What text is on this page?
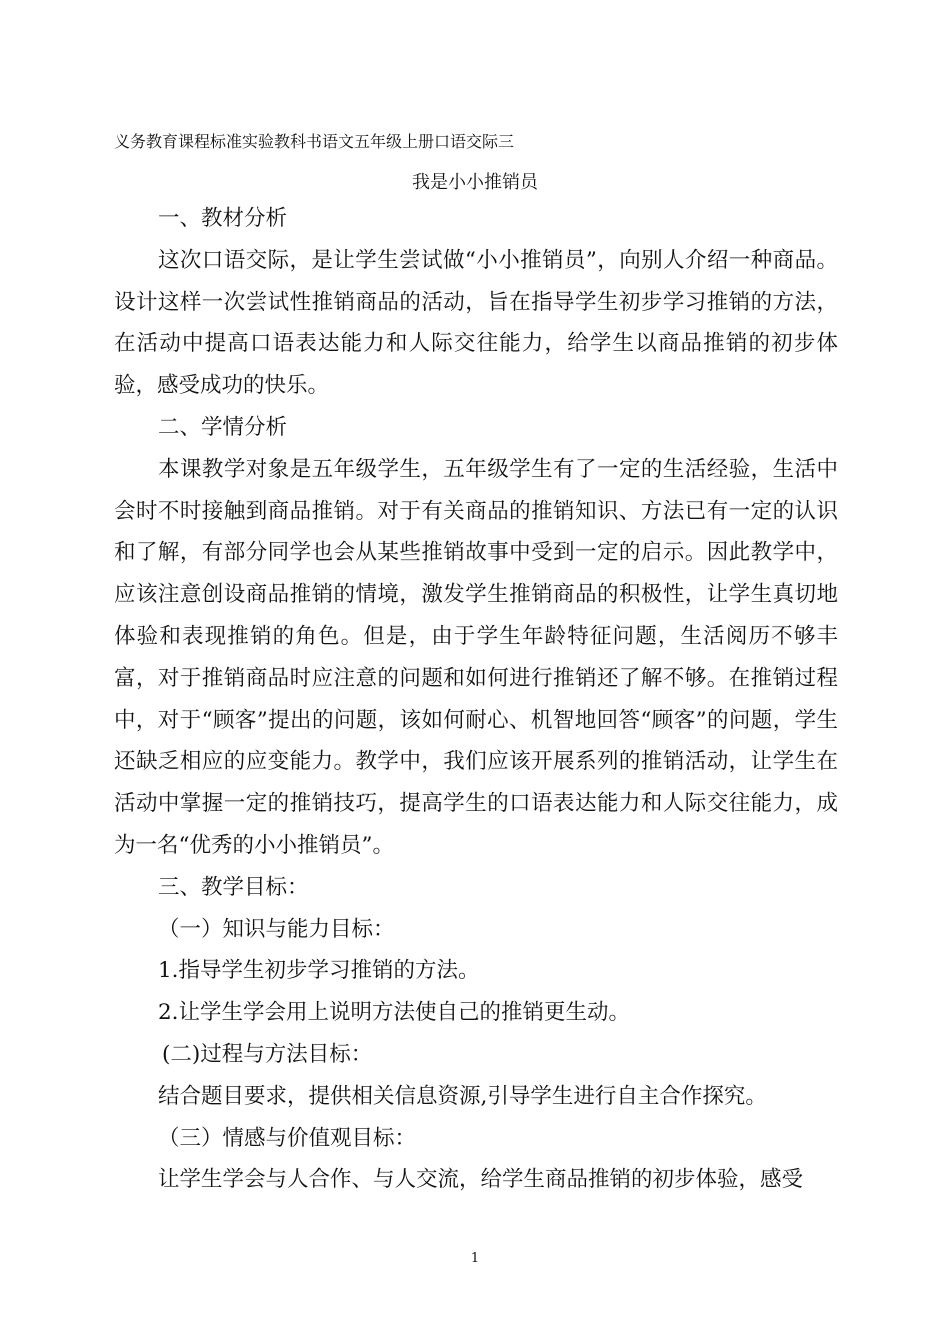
义务教育课程标准实验教科书语文五年级上册口语交际三
我是小小推销员

一、教材分析

这次口语交际，是让学生尝试做“小小推销员”，向别人介绍一种商品。设计这样一次尝试性推销商品的活动，旨在指导学生初步学习推销的方法，在活动中提高口语表达能力和人际交往能力，给学生以商品推销的初步体验，感受成功的快乐。

二、学情分析

本课教学对象是五年级学生，五年级学生有了一定的生活经验，生活中会时不时接触到商品推销。对于有关商品的推销知识、方法已有一定的认识和了解，有部分同学也会从某些推销故事中受到一定的启示。因此教学中，应该注意创设商品推销的情境，激发学生推销商品的积极性，让学生真切地体验和表现推销的角色。但是，由于学生年龄特征问题，生活阅历不够丰富，对于推销商品时应注意的问题和如何进行推销还了解不够。在推销过程中，对于“顾客”提出的问题，该如何耐心、机智地回答“顾客”的问题，学生还缺乏相应的应变能力。教学中，我们应该开展系列的推销活动，让学生在活动中掌握一定的推销技巧，提高学生的口语表达能力和人际交往能力，成为一名“优秀的小小推销员”。

三、教学目标：

（一）知识与能力目标：

1.指导学生初步学习推销的方法。

2.让学生学会用上说明方法使自己的推销更生动。

(二)过程与方法目标：

结合题目要求，提供相关信息资源,引导学生进行自主合作探究。

（三）情感与价值观目标：

让学生学会与人合作、与人交流，给学生商品推销的初步体验，感受

1
